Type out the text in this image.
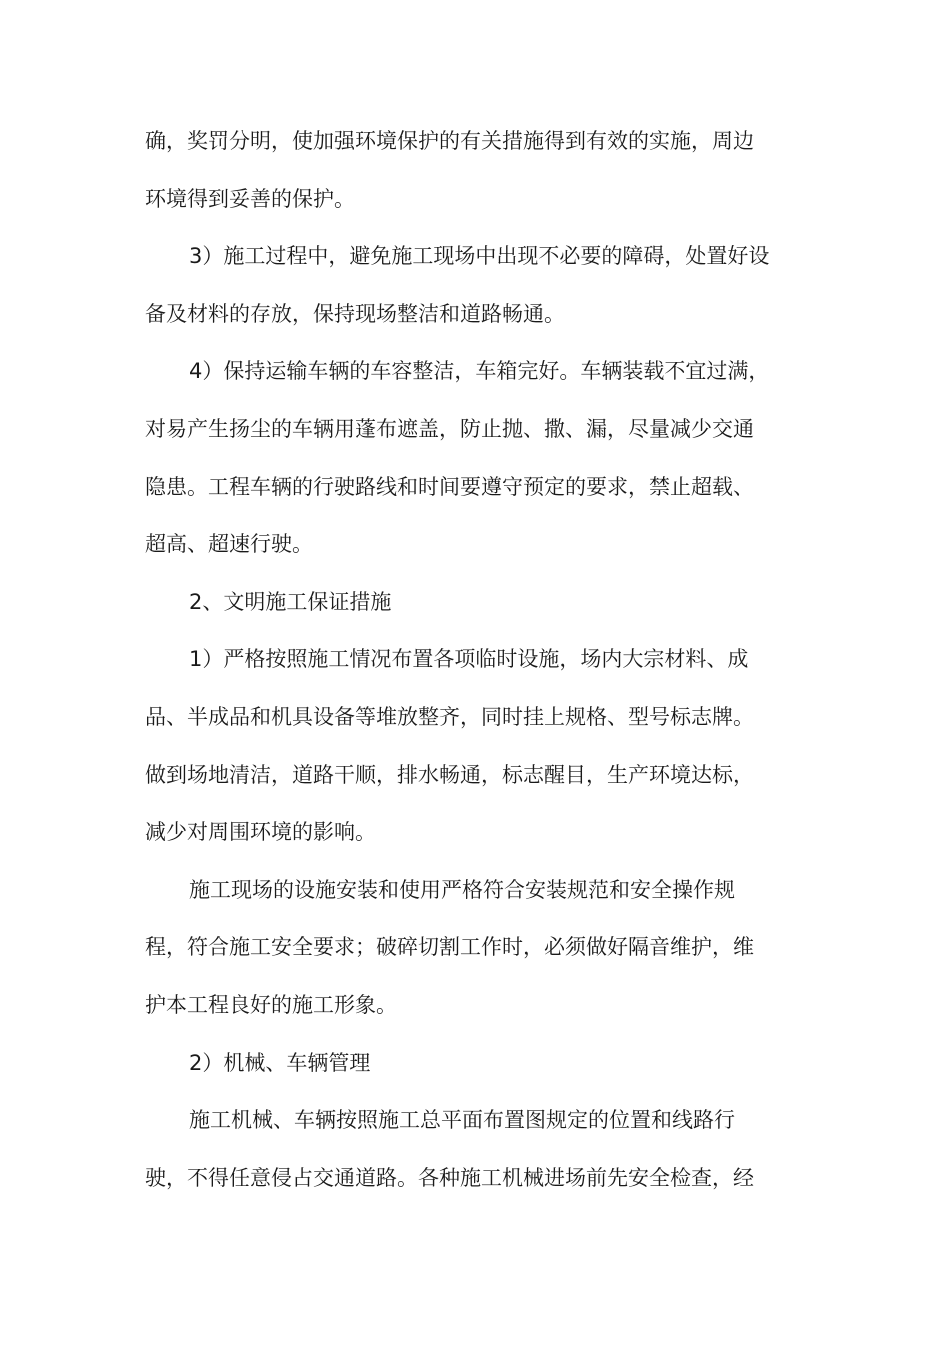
确，奖罚分明，使加强环境保护的有关措施得到有效的实施，周边
环境得到妥善的保护。
3）施工过程中，避免施工现场中出现不必要的障碍，处置好设
备及材料的存放，保持现场整洁和道路畅通。
4）保持运输车辆的车容整洁，车箱完好。车辆装载不宜过满，
对易产生扬尘的车辆用蓬布遮盖，防止抛、撒、漏，尽量减少交通
隐患。工程车辆的行驶路线和时间要遵守预定的要求，禁止超载、
超高、超速行驶。
2、文明施工保证措施
1）严格按照施工情况布置各项临时设施，场内大宗材料、成
品、半成品和机具设备等堆放整齐，同时挂上规格、型号标志牌。
做到场地清洁，道路干顺，排水畅通，标志醒目，生产环境达标，
减少对周围环境的影响。
施工现场的设施安装和使用严格符合安装规范和安全操作规
程，符合施工安全要求；破碎切割工作时，必须做好隔音维护，维
护本工程良好的施工形象。
2）机械、车辆管理
施工机械、车辆按照施工总平面布置图规定的位置和线路行
驶，不得任意侵占交通道路。各种施工机械进场前先安全检查，经
